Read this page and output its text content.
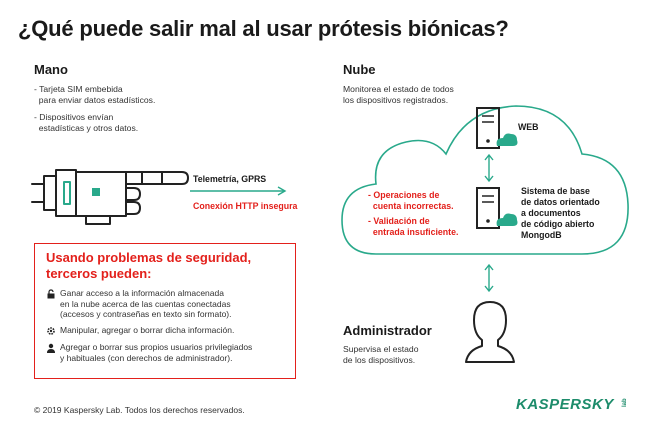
¿Qué puede salir mal al usar prótesis biónicas?
Mano
- Tarjeta SIM embebida
para enviar datos estadísticos.
- Dispositivos envían
estadísticas y otros datos.
Telemetría, GPRS
Conexión HTTP insegura
Nube
Monitorea el estado de todos
los dispositivos registrados.
WEB
Sistema de base
de datos orientado
a documentos
de código abierto
MongodB
- Operaciones de
cuenta incorrectas.
- Validación de
entrada insuficiente.
Administrador
Supervisa el estado
de los dispositivos.
Usando problemas de seguridad,
terceros pueden:
Ganar acceso a la información almacenada
en la nube acerca de las cuentas conectadas
(accesos y contraseñas en texto sin formato).
Manipular, agregar o borrar dicha información.
Agregar o borrar sus propios usuarios privilegiados
y habituales (con derechos de administrador).
© 2019 Kaspersky Lab. Todos los derechos reservados.	KASPERSKY lab
